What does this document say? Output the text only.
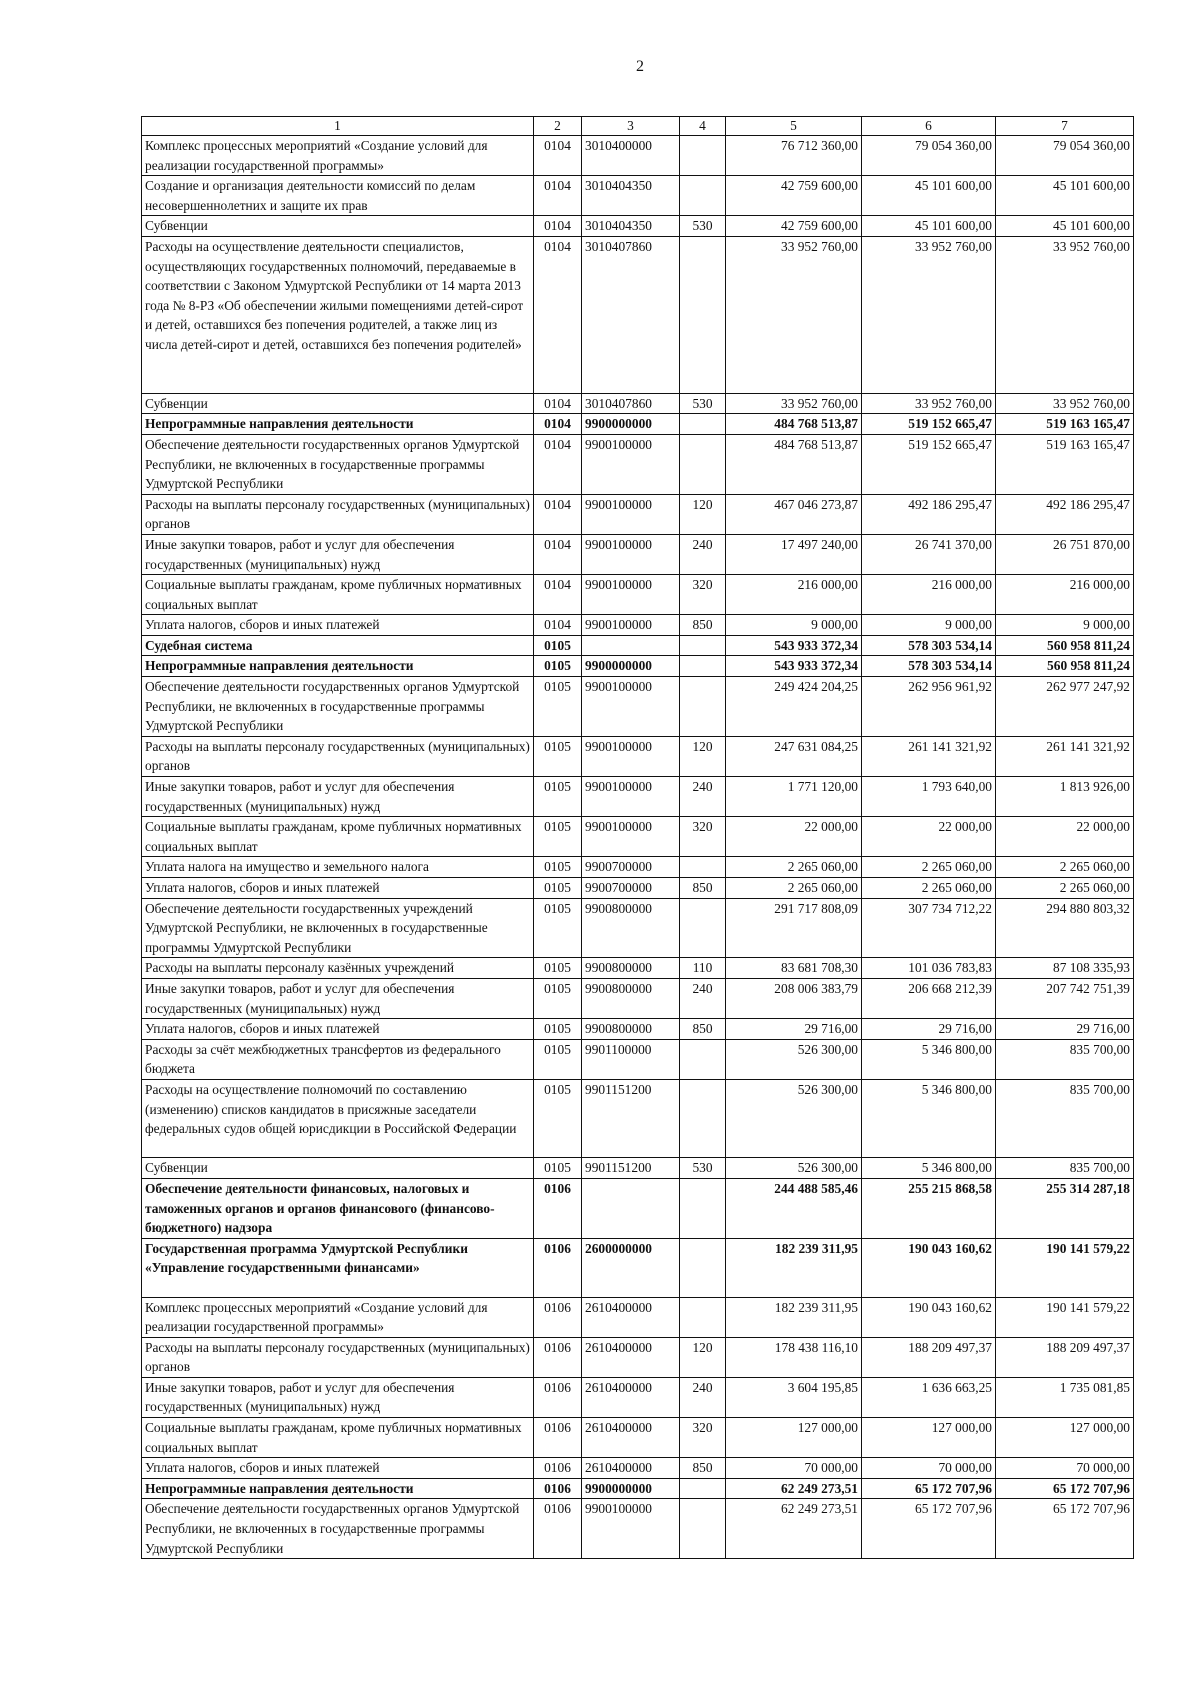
2
1	2	3	4	5	6	7
Комплекс процессных мероприятий «Создание условий для реализации государственной программы»	0104	3010400000		76 712 360,00	79 054 360,00	79 054 360,00
Создание и организация деятельности комиссий по делам несовершеннолетних и защите их прав	0104	3010404350		42 759 600,00	45 101 600,00	45 101 600,00
Субвенции	0104	3010404350	530	42 759 600,00	45 101 600,00	45 101 600,00
Расходы на осуществление деятельности специалистов, осуществляющих государственных полномочий, передаваемые в соответствии с Законом Удмуртской Республики от 14 марта 2013 года № 8-РЗ «Об обеспечении жилыми помещениями детей-сирот и детей, оставшихся без попечения родителей, а также лиц из числа детей-сирот и детей, оставшихся без попечения родителей»	0104	3010407860		33 952 760,00	33 952 760,00	33 952 760,00
Субвенции	0104	3010407860	530	33 952 760,00	33 952 760,00	33 952 760,00
Непрограммные направления деятельности	0104	9900000000		484 768 513,87	519 152 665,47	519 163 165,47
Обеспечение деятельности государственных органов Удмуртской Республики, не включенных в государственные программы Удмуртской Республики	0104	9900100000		484 768 513,87	519 152 665,47	519 163 165,47
Расходы на выплаты персоналу государственных (муниципальных) органов	0104	9900100000	120	467 046 273,87	492 186 295,47	492 186 295,47
Иные закупки товаров, работ и услуг для обеспечения государственных (муниципальных) нужд	0104	9900100000	240	17 497 240,00	26 741 370,00	26 751 870,00
Социальные выплаты гражданам, кроме публичных нормативных социальных выплат	0104	9900100000	320	216 000,00	216 000,00	216 000,00
Уплата налогов, сборов и иных платежей	0104	9900100000	850	9 000,00	9 000,00	9 000,00
Судебная система	0105			543 933 372,34	578 303 534,14	560 958 811,24
Непрограммные направления деятельности	0105	9900000000		543 933 372,34	578 303 534,14	560 958 811,24
Обеспечение деятельности государственных органов Удмуртской Республики, не включенных в государственные программы Удмуртской Республики	0105	9900100000		249 424 204,25	262 956 961,92	262 977 247,92
Расходы на выплаты персоналу государственных (муниципальных) органов	0105	9900100000	120	247 631 084,25	261 141 321,92	261 141 321,92
Иные закупки товаров, работ и услуг для обеспечения государственных (муниципальных) нужд	0105	9900100000	240	1 771 120,00	1 793 640,00	1 813 926,00
Социальные выплаты гражданам, кроме публичных нормативных социальных выплат	0105	9900100000	320	22 000,00	22 000,00	22 000,00
Уплата налога на имущество и земельного налога	0105	9900700000		2 265 060,00	2 265 060,00	2 265 060,00
Уплата налогов, сборов и иных платежей	0105	9900700000	850	2 265 060,00	2 265 060,00	2 265 060,00
Обеспечение деятельности государственных учреждений Удмуртской Республики, не включенных в государственные программы Удмуртской Республики	0105	9900800000		291 717 808,09	307 734 712,22	294 880 803,32
Расходы на выплаты персоналу казённых учреждений	0105	9900800000	110	83 681 708,30	101 036 783,83	87 108 335,93
Иные закупки товаров, работ и услуг для обеспечения государственных (муниципальных) нужд	0105	9900800000	240	208 006 383,79	206 668 212,39	207 742 751,39
Уплата налогов, сборов и иных платежей	0105	9900800000	850	29 716,00	29 716,00	29 716,00
Расходы за счёт межбюджетных трансфертов из федерального бюджета	0105	9901100000		526 300,00	5 346 800,00	835 700,00
Расходы на осуществление полномочий по составлению (изменению) списков кандидатов в присяжные заседатели федеральных судов общей юрисдикции в Российской Федерации	0105	9901151200		526 300,00	5 346 800,00	835 700,00
Субвенции	0105	9901151200	530	526 300,00	5 346 800,00	835 700,00
Обеспечение деятельности финансовых, налоговых и таможенных органов и органов финансового (финансово-бюджетного) надзора	0106			244 488 585,46	255 215 868,58	255 314 287,18
Государственная программа Удмуртской Республики «Управление государственными финансами»	0106	2600000000		182 239 311,95	190 043 160,62	190 141 579,22
Комплекс процессных мероприятий «Создание условий для реализации государственной программы»	0106	2610400000		182 239 311,95	190 043 160,62	190 141 579,22
Расходы на выплаты персоналу государственных (муниципальных) органов	0106	2610400000	120	178 438 116,10	188 209 497,37	188 209 497,37
Иные закупки товаров, работ и услуг для обеспечения государственных (муниципальных) нужд	0106	2610400000	240	3 604 195,85	1 636 663,25	1 735 081,85
Социальные выплаты гражданам, кроме публичных нормативных социальных выплат	0106	2610400000	320	127 000,00	127 000,00	127 000,00
Уплата налогов, сборов и иных платежей	0106	2610400000	850	70 000,00	70 000,00	70 000,00
Непрограммные направления деятельности	0106	9900000000		62 249 273,51	65 172 707,96	65 172 707,96
Обеспечение деятельности государственных органов Удмуртской Республики, не включенных в государственные программы Удмуртской Республики	0106	9900100000		62 249 273,51	65 172 707,96	65 172 707,96
